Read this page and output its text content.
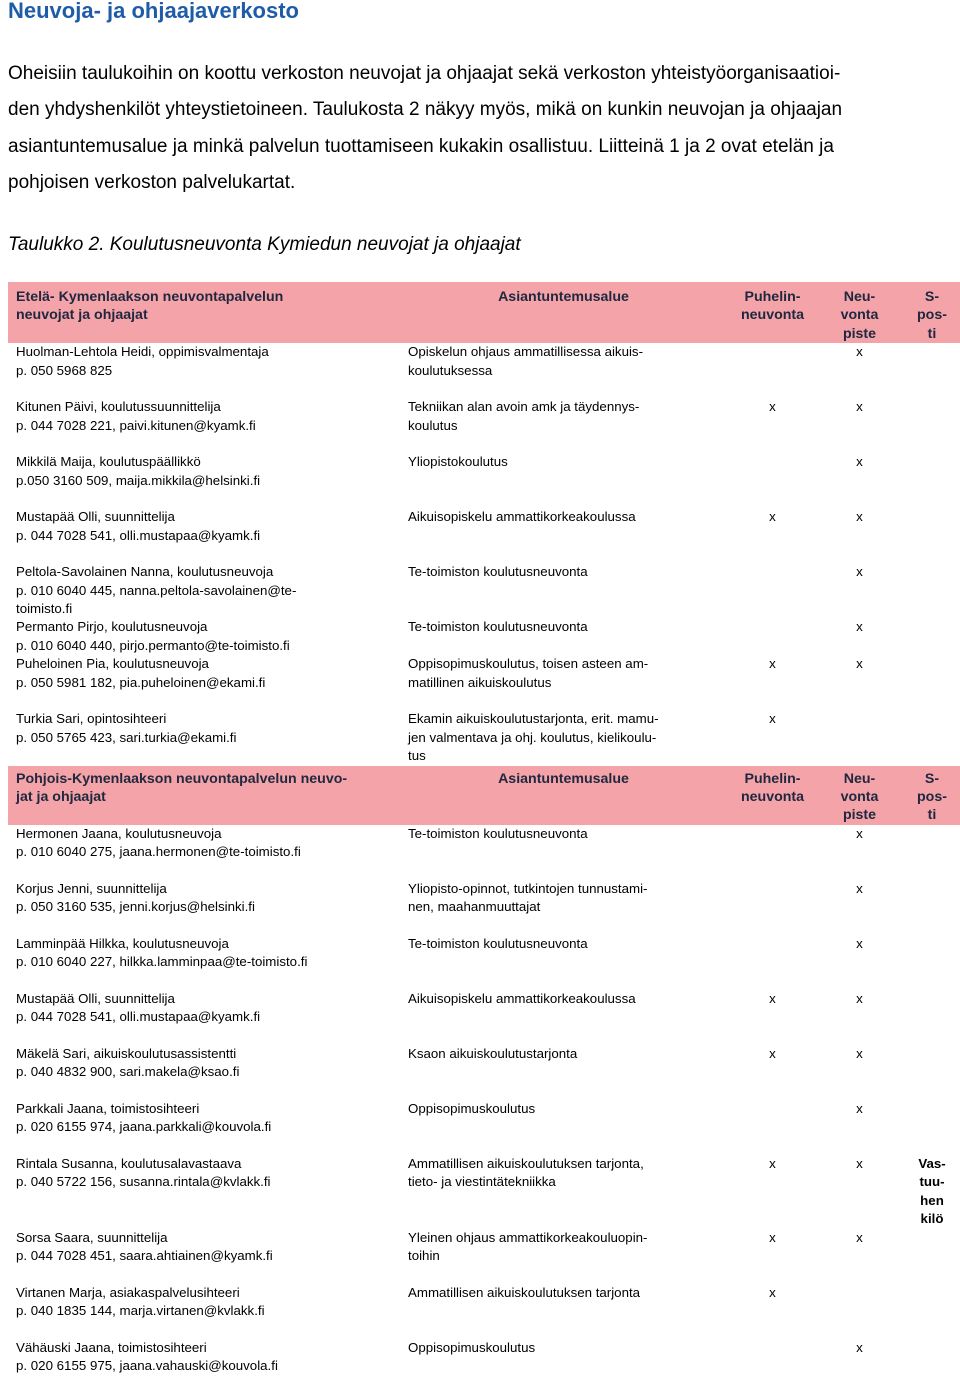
Neuvoja- ja ohjaajaverkosto
Oheisiin taulukoihin on koottu verkoston neuvojat ja ohjaajat sekä verkoston yhteistyöorganisaatioi-
den yhdyshenkilöt yhteystietoineen. Taulukosta 2 näkyy myös, mikä on kunkin neuvojan ja ohjaajan
asiantuntemusalue ja minkä palvelun tuottamiseen kukakin osallistuu. Liitteinä 1 ja 2 ovat etelän ja
pohjoisen verkoston palvelukartat.
Taulukko 2. Koulutusneuvonta Kymiedun neuvojat ja ohjaajat
Etelä- Kymenlaakson neuvontapalvelun
neuvojat ja ohjaajat	Asiantuntemusalue	Puhelin-
neuvonta	Neu-
vonta
piste	S-
pos-
ti

Huolman-Lehtola Heidi, oppimisvalmentaja
p. 050 5968 825	Opiskelun ohjaus ammatillisessa aikuis-
koulutuksessa		x	

Kitunen Päivi, koulutussuunnittelija
p. 044 7028 221, paivi.kitunen@kyamk.fi	Tekniikan alan avoin amk ja täydennys-
koulutus	x	x	

Mikkilä Maija, koulutuspäällikkö
p.050 3160 509, maija.mikkila@helsinki.fi	Yliopistokoulutus		x	

Mustapää Olli, suunnittelija
p. 044 7028 541, olli.mustapaa@kyamk.fi	Aikuisopiskelu ammattikorkeakoulussa	x	x	

Peltola-Savolainen Nanna, koulutusneuvoja
p. 010 6040 445, nanna.peltola-savolainen@te-
toimisto.fi	Te-toimiston koulutusneuvonta		x	

Permanto Pirjo, koulutusneuvoja
p. 010 6040 440, pirjo.permanto@te-toimisto.fi	Te-toimiston koulutusneuvonta		x	

Puheloinen Pia, koulutusneuvoja
p. 050 5981 182, pia.puheloinen@ekami.fi	Oppisopimuskoulutus, toisen asteen am-
matillinen aikuiskoulutus	x	x	

Turkia Sari, opintosihteeri
p. 050 5765 423, sari.turkia@ekami.fi	Ekamin aikuiskoulutustarjonta, erit. mamu-
jen valmentava ja ohj. koulutus, kielikoulu-
tus	x		

Pohjois-Kymenlaakson neuvontapalvelun neuvo-
jat ja ohjaajat	Asiantuntemusalue	Puhelin-
neuvonta	Neu-
vonta
piste	S-
pos-
ti

Hermonen Jaana, koulutusneuvoja
p. 010 6040 275, jaana.hermonen@te-toimisto.fi	Te-toimiston koulutusneuvonta		x	

Korjus Jenni, suunnittelija
p. 050 3160 535, jenni.korjus@helsinki.fi	Yliopisto-opinnot, tutkintojen tunnustami-
nen, maahanmuuttajat		x	

Lamminpää Hilkka, koulutusneuvoja
p. 010 6040 227, hilkka.lamminpaa@te-toimisto.fi	Te-toimiston koulutusneuvonta		x	

Mustapää Olli, suunnittelija
p. 044 7028 541, olli.mustapaa@kyamk.fi	Aikuisopiskelu ammattikorkeakoulussa	x	x	

Mäkelä Sari, aikuiskoulutusassistentti
p. 040 4832 900, sari.makela@ksao.fi	Ksaon aikuiskoulutustarjonta	x	x	

Parkkali Jaana, toimistosihteeri
p. 020 6155 974, jaana.parkkali@kouvola.fi	Oppisopimuskoulutus		x	

Rintala Susanna, koulutusalavastaava
p. 040 5722 156, susanna.rintala@kvlakk.fi	Ammatillisen aikuiskoulutuksen tarjonta,
tieto- ja viestintätekniikka	x	x	Vas-
tuu-
hen
kilö

Sorsa Saara, suunnittelija
p. 044 7028 451, saara.ahtiainen@kyamk.fi	Yleinen ohjaus ammattikorkeakouluopin-
toihin	x	x	

Virtanen Marja, asiakaspalvelusihteeri
p. 040 1835 144, marja.virtanen@kvlakk.fi	Ammatillisen aikuiskoulutuksen tarjonta	x		

Vähäuski Jaana, toimistosihteeri
p. 020 6155 975, jaana.vahauski@kouvola.fi	Oppisopimuskoulutus		x	
